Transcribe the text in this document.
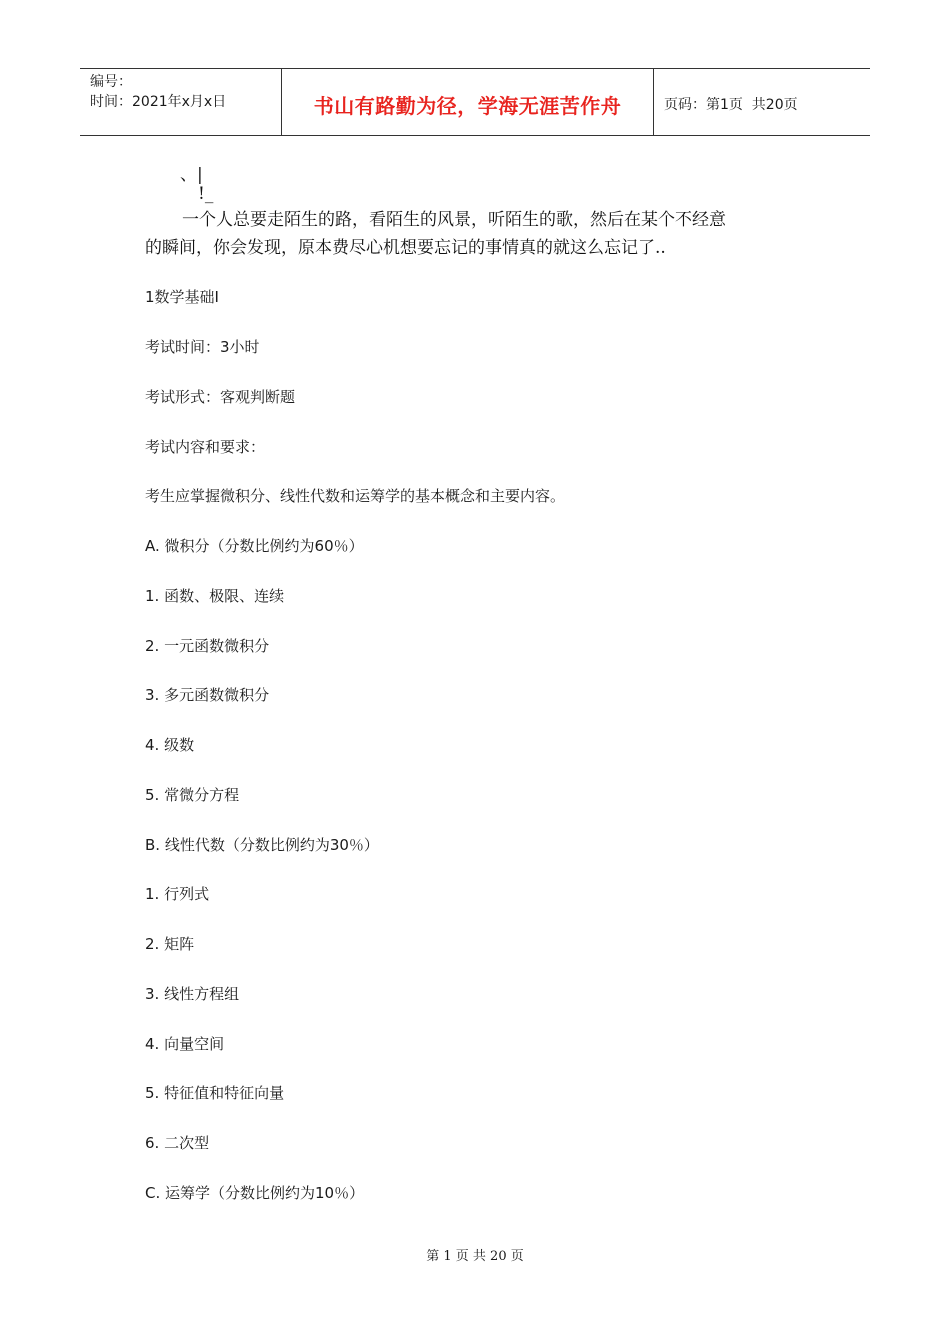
编号：
时间：2021年x月x日	书山有路勤为径，学海无涯苦作舟	页码：第1页  共20页
、|
!_
一个人总要走陌生的路，看陌生的风景，听陌生的歌，然后在某个不经意
的瞬间，你会发现，原本费尽心机想要忘记的事情真的就这么忘记了..
1数学基础Ⅰ
考试时间：3小时
考试形式：客观判断题
考试内容和要求：
考生应掌握微积分、线性代数和运筹学的基本概念和主要内容。
A. 微积分（分数比例约为60％）
1. 函数、极限、连续
2. 一元函数微积分
3. 多元函数微积分
4. 级数
5. 常微分方程
B. 线性代数（分数比例约为30％）
1. 行列式
2. 矩阵
3. 线性方程组
4. 向量空间
5. 特征值和特征向量
6. 二次型
C. 运筹学（分数比例约为10％）
第 1 页 共 20 页
